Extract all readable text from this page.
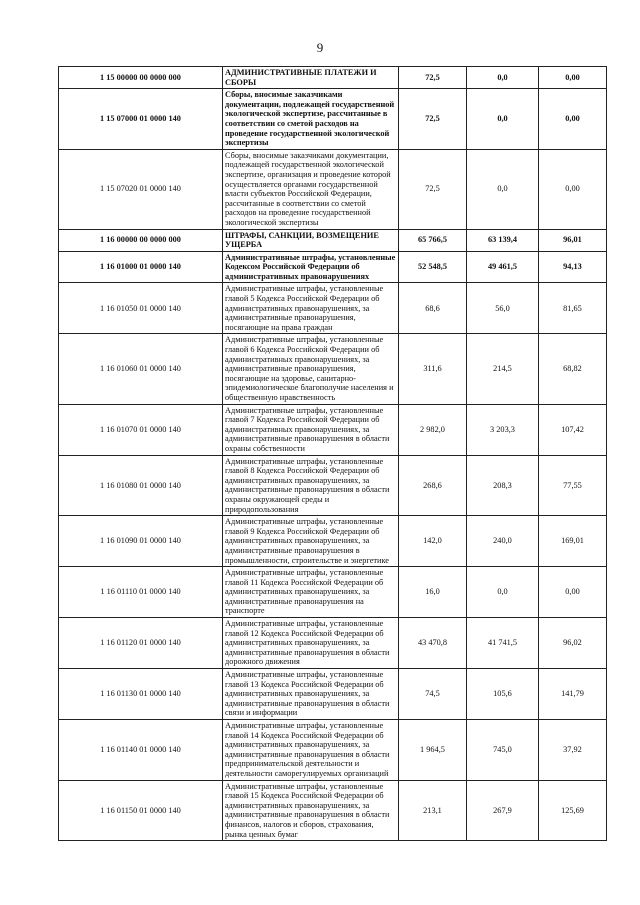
9
1 15 00000 00 0000 000	АДМИНИСТРАТИВНЫЕ ПЛАТЕЖИ И СБОРЫ	72,5	0,0	0,00
1 15 07000 01 0000 140	Сборы, вносимые заказчиками документации, подлежащей государственной экологической экспертизе, рассчитанные в соответствии со сметой расходов на проведение государственной экологической экспертизы	72,5	0,0	0,00
1 15 07020 01 0000 140	Сборы, вносимые заказчиками документации, подлежащей государственной экологической экспертизе, организация и проведение которой осуществляется органами государственной власти субъектов Российской Федерации, рассчитанные в соответствии со сметой расходов на проведение государственной экологической экспертизы	72,5	0,0	0,00
1 16 00000 00 0000 000	ШТРАФЫ, САНКЦИИ, ВОЗМЕЩЕНИЕ УЩЕРБА	65 766,5	63 139,4	96,01
1 16 01000 01 0000 140	Административные штрафы, установленные Кодексом Российской Федерации об административных правонарушениях	52 548,5	49 461,5	94,13
1 16 01050 01 0000 140	Административные штрафы, установленные главой 5 Кодекса Российской Федерации об административных правонарушениях, за административные правонарушения, посягающие на права граждан	68,6	56,0	81,65
1 16 01060 01 0000 140	Административные штрафы, установленные главой 6 Кодекса Российской Федерации об административных правонарушениях, за административные правонарушения, посягающие на здоровье, санитарно-эпидемиологическое благополучие населения и общественную нравственность	311,6	214,5	68,82
1 16 01070 01 0000 140	Административные штрафы, установленные главой 7 Кодекса Российской Федерации об административных правонарушениях, за административные правонарушения в области охраны собственности	2 982,0	3 203,3	107,42
1 16 01080 01 0000 140	Административные штрафы, установленные главой 8 Кодекса Российской Федерации об административных правонарушениях, за административные правонарушения в области охраны окружающей среды и природопользования	268,6	208,3	77,55
1 16 01090 01 0000 140	Административные штрафы, установленные главой 9 Кодекса Российской Федерации об административных правонарушениях, за административные правонарушения в промышленности, строительстве и энергетике	142,0	240,0	169,01
1 16 01110 01 0000 140	Административные штрафы, установленные главой 11 Кодекса Российской Федерации об административных правонарушениях, за административные правонарушения на транспорте	16,0	0,0	0,00
1 16 01120 01 0000 140	Административные штрафы, установленные главой 12 Кодекса Российской Федерации об административных правонарушениях, за административные правонарушения в области дорожного движения	43 470,8	41 741,5	96,02
1 16 01130 01 0000 140	Административные штрафы, установленные главой 13 Кодекса Российской Федерации об административных правонарушениях, за административные правонарушения в области связи и информации	74,5	105,6	141,79
1 16 01140 01 0000 140	Административные штрафы, установленные главой 14 Кодекса Российской Федерации об административных правонарушениях, за административные правонарушения в области предпринимательской деятельности и деятельности саморегулируемых организаций	1 964,5	745,0	37,92
1 16 01150 01 0000 140	Административные штрафы, установленные главой 15 Кодекса Российской Федерации об административных правонарушениях, за административные правонарушения в области финансов, налогов и сборов, страхования, рынка ценных бумаг	213,1	267,9	125,69
